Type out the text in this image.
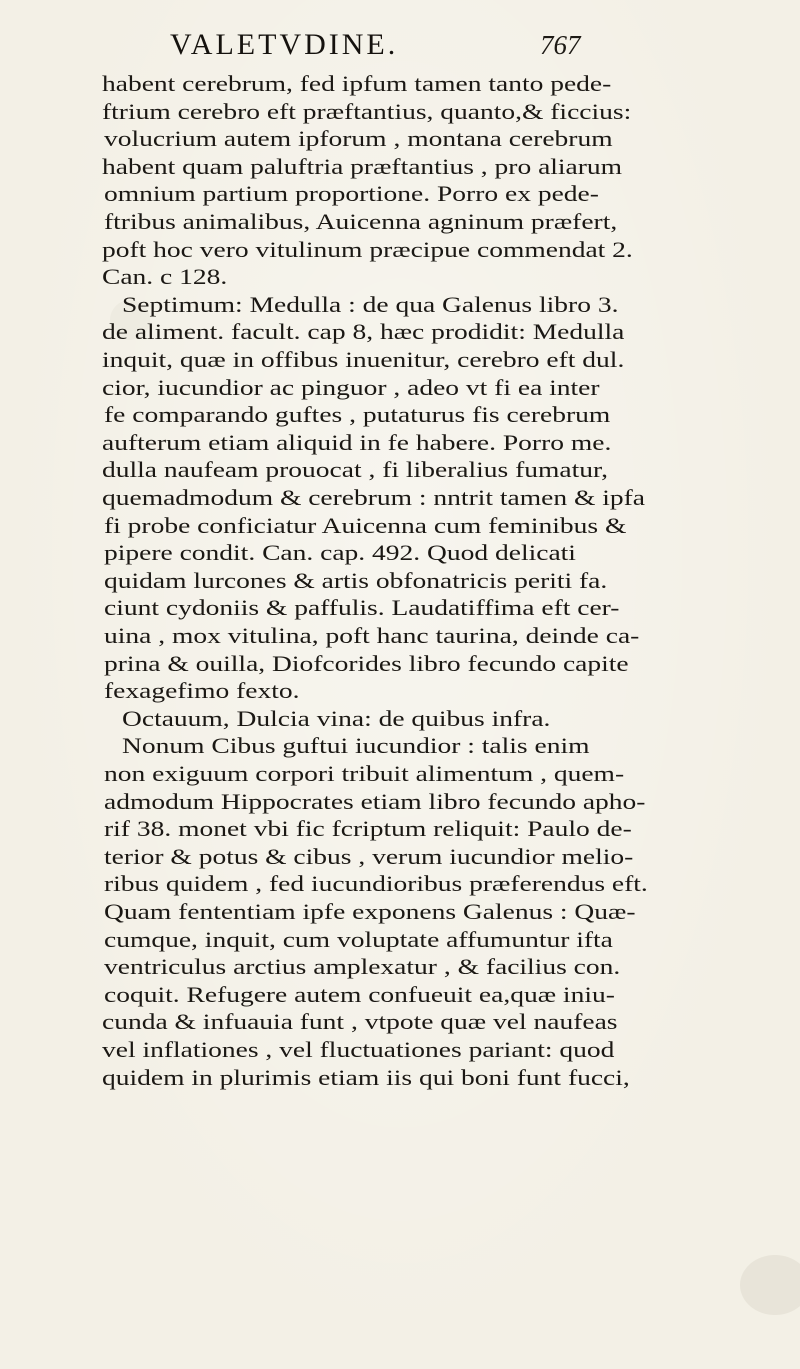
VALETVDINE.	767
habent cerebrum, fed ipfum tamen tanto pede-
ftrium cerebro eft præftantius, quanto,& ficcius:
volucrium autem ipforum , montana cerebrum
habent quam paluftria præftantius , pro aliarum
omnium partium proportione. Porro ex pede-
ftribus animalibus, Auicenna agninum præfert,
poft hoc vero vitulinum præcipue commendat 2.
Can. c 128.
Septimum: Medulla : de qua Galenus libro 3.
de aliment. facult. cap 8, hæc prodidit: Medulla
inquit, quæ in offibus inuenitur, cerebro eft dul.
cior, iucundior ac pinguor , adeo vt fi ea inter
fe comparando guftes , putaturus fis cerebrum
aufterum etiam aliquid in fe habere. Porro me.
dulla naufeam prouocat , fi liberalius fumatur,
quemadmodum & cerebrum : nntrit tamen & ipfa
fi probe conficiatur Auicenna cum feminibus &
pipere condit. Can. cap. 492. Quod delicati
quidam lurcones & artis obfonatricis periti fa.
ciunt cydoniis & paffulis. Laudatiffima eft cer-
uina , mox vitulina, poft hanc taurina, deinde ca-
prina & ouilla, Diofcorides libro fecundo capite
fexagefimo fexto.
Octauum, Dulcia vina: de quibus infra.
Nonum Cibus guftui iucundior : talis enim
non exiguum corpori tribuit alimentum , quem-
admodum Hippocrates etiam libro fecundo apho-
rif 38. monet vbi fic fcriptum reliquit: Paulo de-
terior & potus & cibus , verum iucundior melio-
ribus quidem , fed iucundioribus præferendus eft.
Quam fententiam ipfe exponens Galenus : Quæ-
cumque, inquit, cum voluptate affumuntur ifta
ventriculus arctius amplexatur , & facilius con.
coquit. Refugere autem confueuit ea,quæ iniu-
cunda & infuauia funt , vtpote quæ vel naufeas
vel inflationes , vel fluctuationes pariant: quod
quidem in plurimis etiam iis qui boni funt fucci,
